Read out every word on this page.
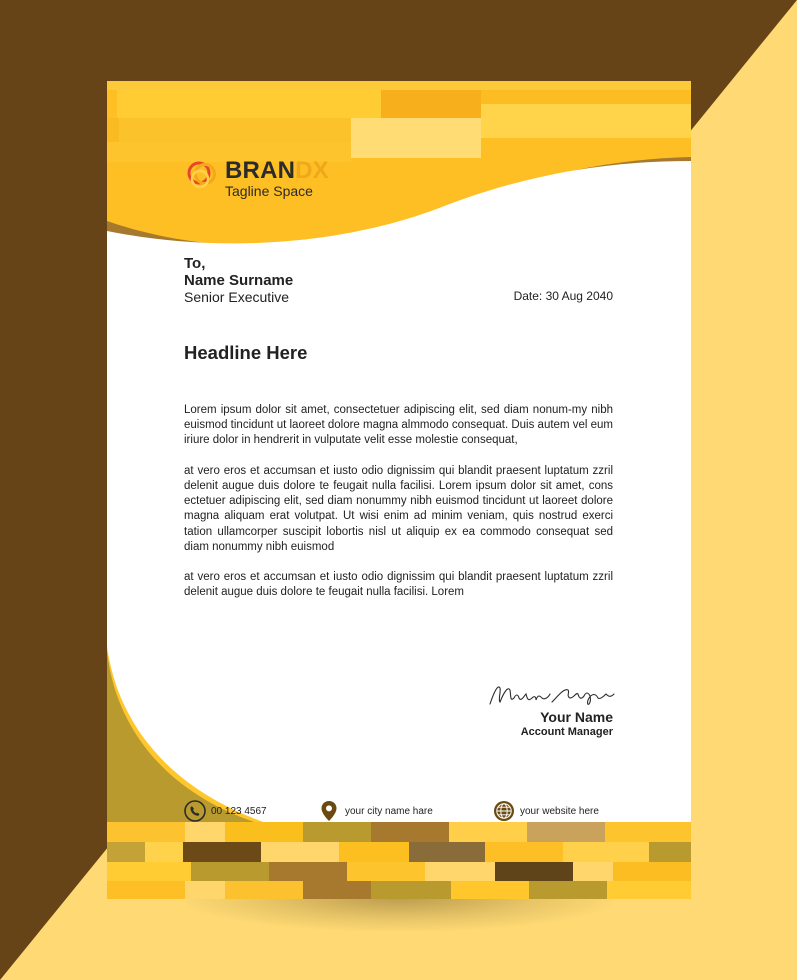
BRANDX
Tagline Space
To,
Name Surname
Senior Executive	Date: 30 Aug 2040
Headline Here

Lorem ipsum dolor sit amet, consectetuer adipiscing elit, sed diam nonum-my nibh euismod tincidunt ut laoreet dolore magna almmodo consequat. Duis autem vel eum iriure dolor in hendrerit in vulputate velit esse molestie consequat,

at vero eros et accumsan et iusto odio dignissim qui blandit praesent luptatum zzril delenit augue duis dolore te feugait nulla facilisi. Lorem ipsum dolor sit amet, cons ectetuer adipiscing elit, sed diam nonummy nibh euismod tincidunt ut laoreet dolore magna aliquam erat volutpat. Ut wisi enim ad minim veniam, quis nostrud exerci tation ullamcorper suscipit lobortis nisl ut aliquip ex ea commodo consequat sed diam nonummy nibh euismod

at vero eros et accumsan et iusto odio dignissim qui blandit praesent luptatum zzril delenit augue duis dolore te feugait nulla facilisi. Lorem

Your Name
Account Manager
00 123 4567	your city name hare	your website here
